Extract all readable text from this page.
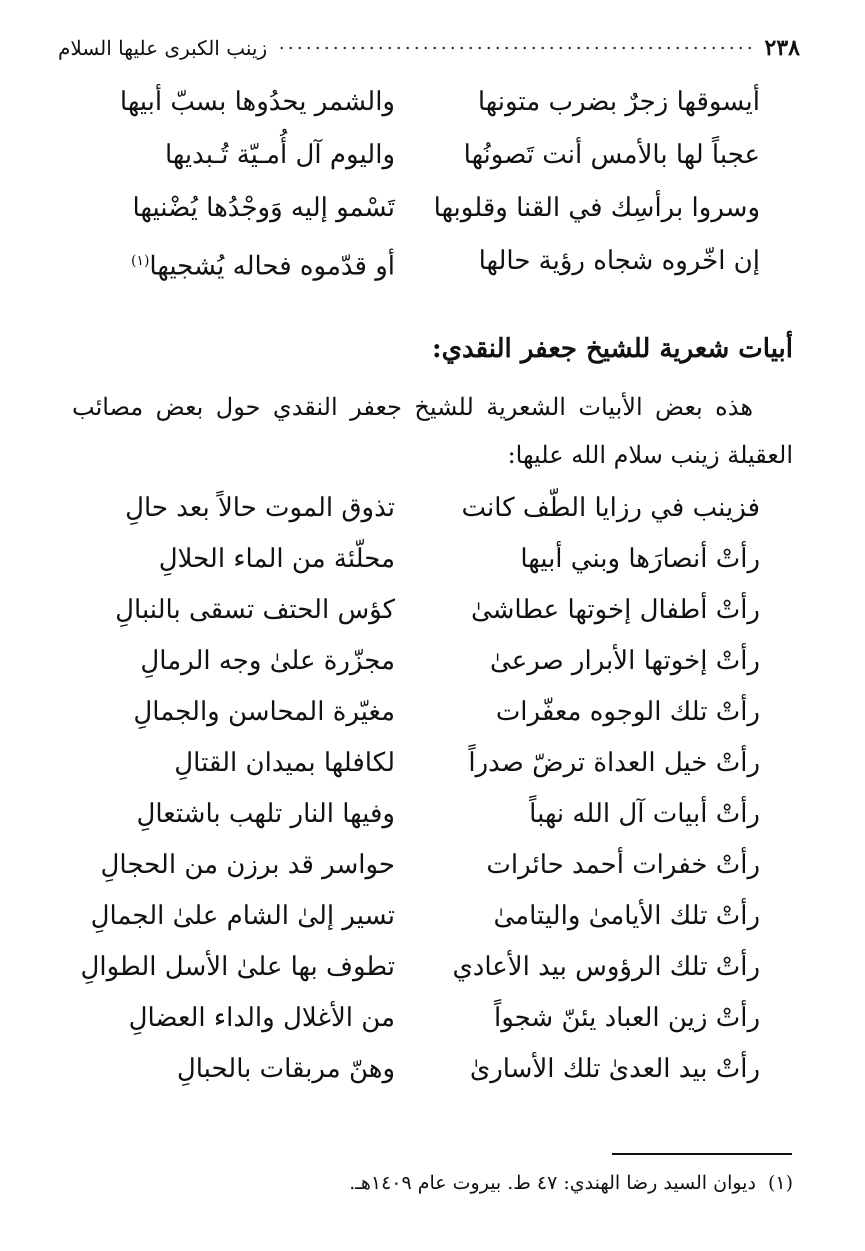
٢٣٨
زينب الكبرى عليها السلام
أيسوقها زجرٌ بضرب متونها
والشمر يحدُوها بسبّ أبيها
عجباً لها بالأمس أنت تَصونُها
واليوم آل أُمـيّة تُـبديها
وسروا برأسِك في القنا وقلوبها
تَسْمو إليه وَوجْدُها يُضْنيها
إن اخّروه شجاه رؤية حالها
أو قدّموه فحاله يُشجيها$^{(١)}$
أبيات شعرية للشيخ جعفر النقدي:
هذه بعض الأبيات الشعرية للشيخ جعفر النقدي حول بعض مصائب العقيلة زينب سلام الله عليها:
فزينب في رزايا الطّف كانت
تذوق الموت حالاً بعد حالِ
رأتْ أنصارَها وبني أبيها
محلّئة من الماء الحلالِ
رأتْ أطفال إخوتها عطاشىٰ
كؤس الحتف تسقى بالنبالِ
رأتْ إخوتها الأبرار صرعىٰ
مجزّرة علىٰ وجه الرمالِ
رأتْ تلك الوجوه معفّرات
مغيّرة المحاسن والجمالِ
رأتْ خيل العداة ترضّ صدراً
لكافلها بميدان القتالِ
رأتْ أبيات آل الله نهباً
وفيها النار تلهب باشتعالِ
رأتْ خفرات أحمد حائرات
حواسر قد برزن من الحجالِ
رأتْ تلك الأيامىٰ واليتامىٰ
تسير إلىٰ الشام علىٰ الجمالِ
رأتْ تلك الرؤوس بيد الأعادي
تطوف بها علىٰ الأسل الطوالِ
رأتْ زين العباد يئنّ شجواً
من الأغلال والداء العضالِ
رأتْ بيد العدىٰ تلك الأسارىٰ
وهنّ مربقات بالحبالِ
(١)ديوان السيد رضا الهندي: ٤٧ ط. بيروت عام ١٤٠٩هـ.
